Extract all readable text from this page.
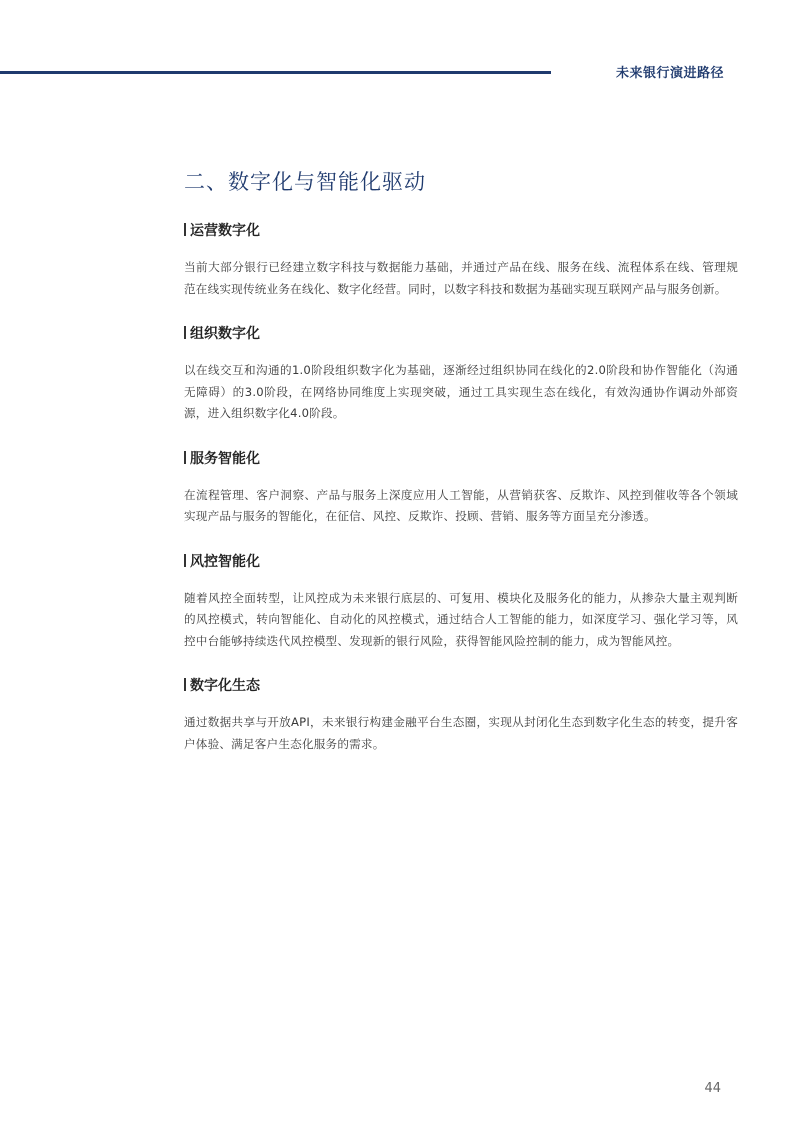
未来银行演进路径
二、数字化与智能化驱动
运营数字化
当前大部分银行已经建立数字科技与数据能力基础，并通过产品在线、服务在线、流程体系在线、管理规范在线实现传统业务在线化、数字化经营。同时，以数字科技和数据为基础实现互联网产品与服务创新。
组织数字化
以在线交互和沟通的1.0阶段组织数字化为基础，逐渐经过组织协同在线化的2.0阶段和协作智能化（沟通无障碍）的3.0阶段，在网络协同维度上实现突破，通过工具实现生态在线化，有效沟通协作调动外部资源，进入组织数字化4.0阶段。
服务智能化
在流程管理、客户洞察、产品与服务上深度应用人工智能，从营销获客、反欺诈、风控到催收等各个领域实现产品与服务的智能化，在征信、风控、反欺诈、投顾、营销、服务等方面呈充分渗透。
风控智能化
随着风控全面转型，让风控成为未来银行底层的、可复用、模块化及服务化的能力，从掺杂大量主观判断的风控模式，转向智能化、自动化的风控模式，通过结合人工智能的能力，如深度学习、强化学习等，风控中台能够持续迭代风控模型、发现新的银行风险，获得智能风险控制的能力，成为智能风控。
数字化生态
通过数据共享与开放API，未来银行构建金融平台生态圈，实现从封闭化生态到数字化生态的转变，提升客户体验、满足客户生态化服务的需求。
44
